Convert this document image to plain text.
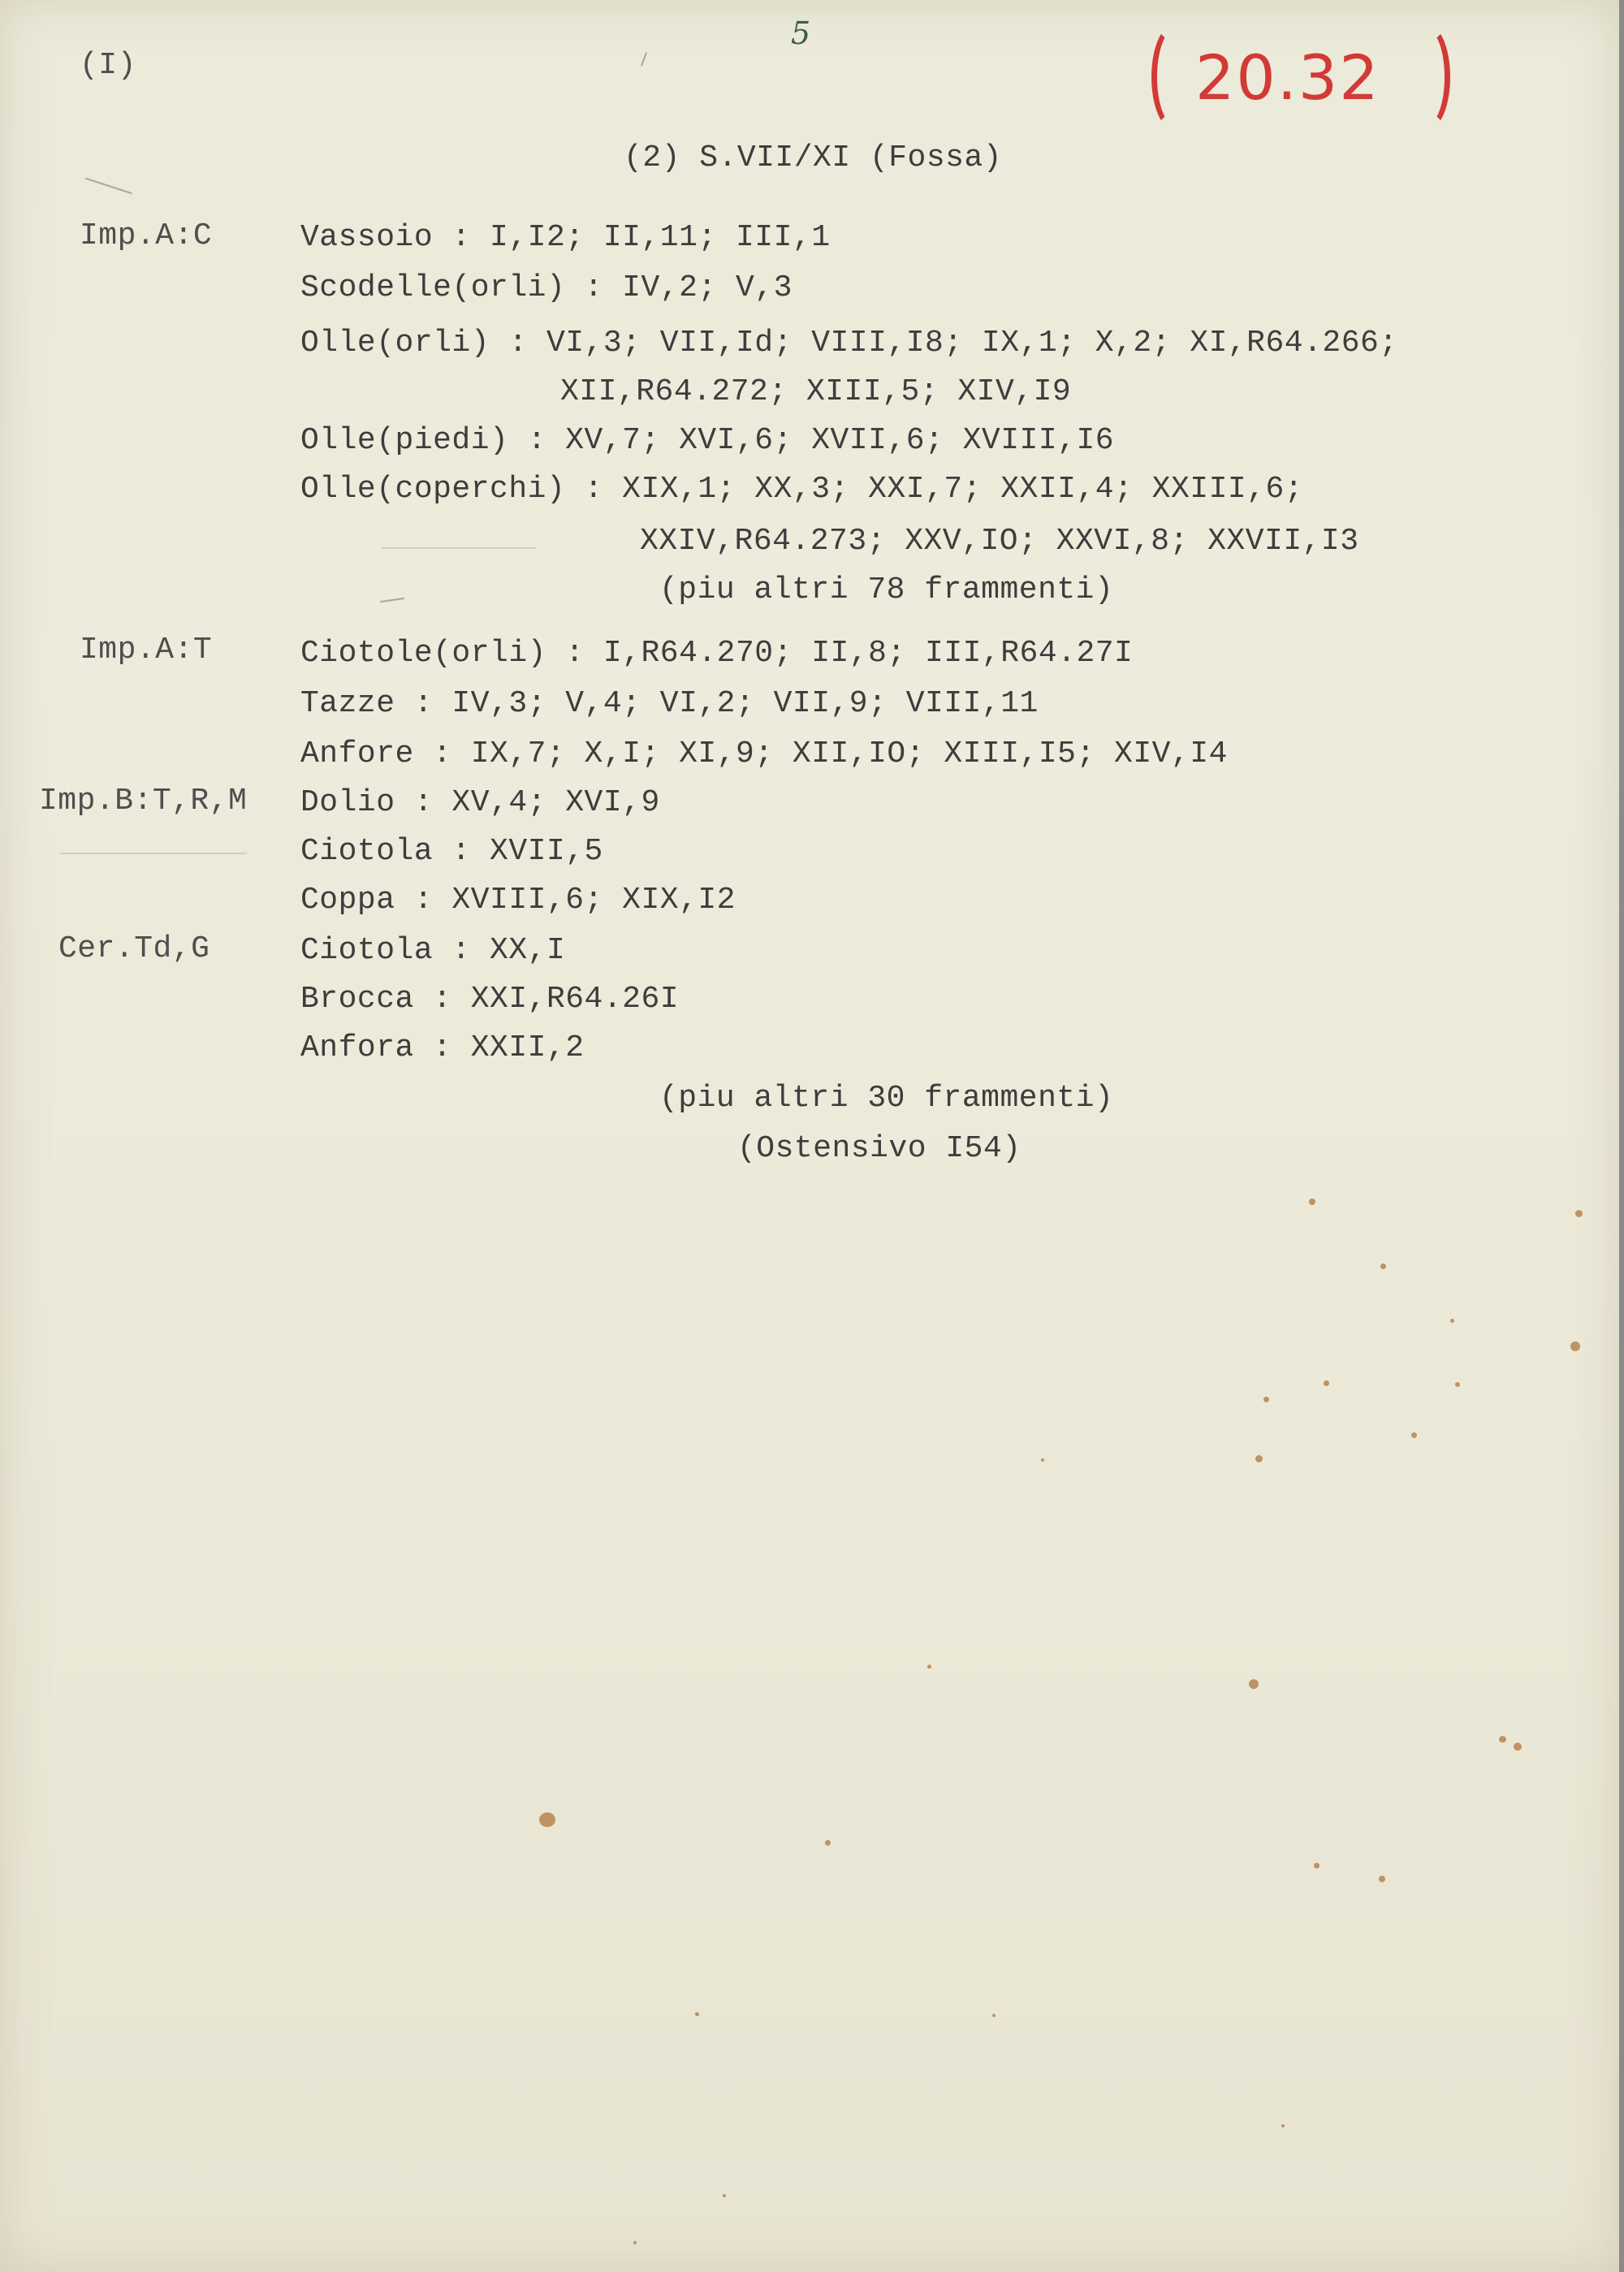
(I)
5
20.32
(2) S.VII/XI (Fossa)
Imp.A:C
Imp.A:T
Imp.B:T,R,M
Cer.Td,G
Vassoio : I,I2; II,11; III,1
Scodelle(orli) : IV,2; V,3
Olle(orli) : VI,3; VII,Id; VIII,I8; IX,1; X,2; XI,R64.266;
XII,R64.272; XIII,5; XIV,I9
Olle(piedi) : XV,7; XVI,6; XVII,6; XVIII,I6
Olle(coperchi) : XIX,1; XX,3; XXI,7; XXII,4; XXIII,6;
XXIV,R64.273; XXV,IO; XXVI,8; XXVII,I3
(piu altri 78 frammenti)
Ciotole(orli) : I,R64.270; II,8; III,R64.27I
Tazze : IV,3; V,4; VI,2; VII,9; VIII,11
Anfore : IX,7; X,I; XI,9; XII,IO; XIII,I5; XIV,I4
Dolio : XV,4; XVI,9
Ciotola : XVII,5
Coppa : XVIII,6; XIX,I2
Ciotola : XX,I
Brocca : XXI,R64.26I
Anfora : XXII,2
(piu altri 30 frammenti)
(Ostensivo I54)
